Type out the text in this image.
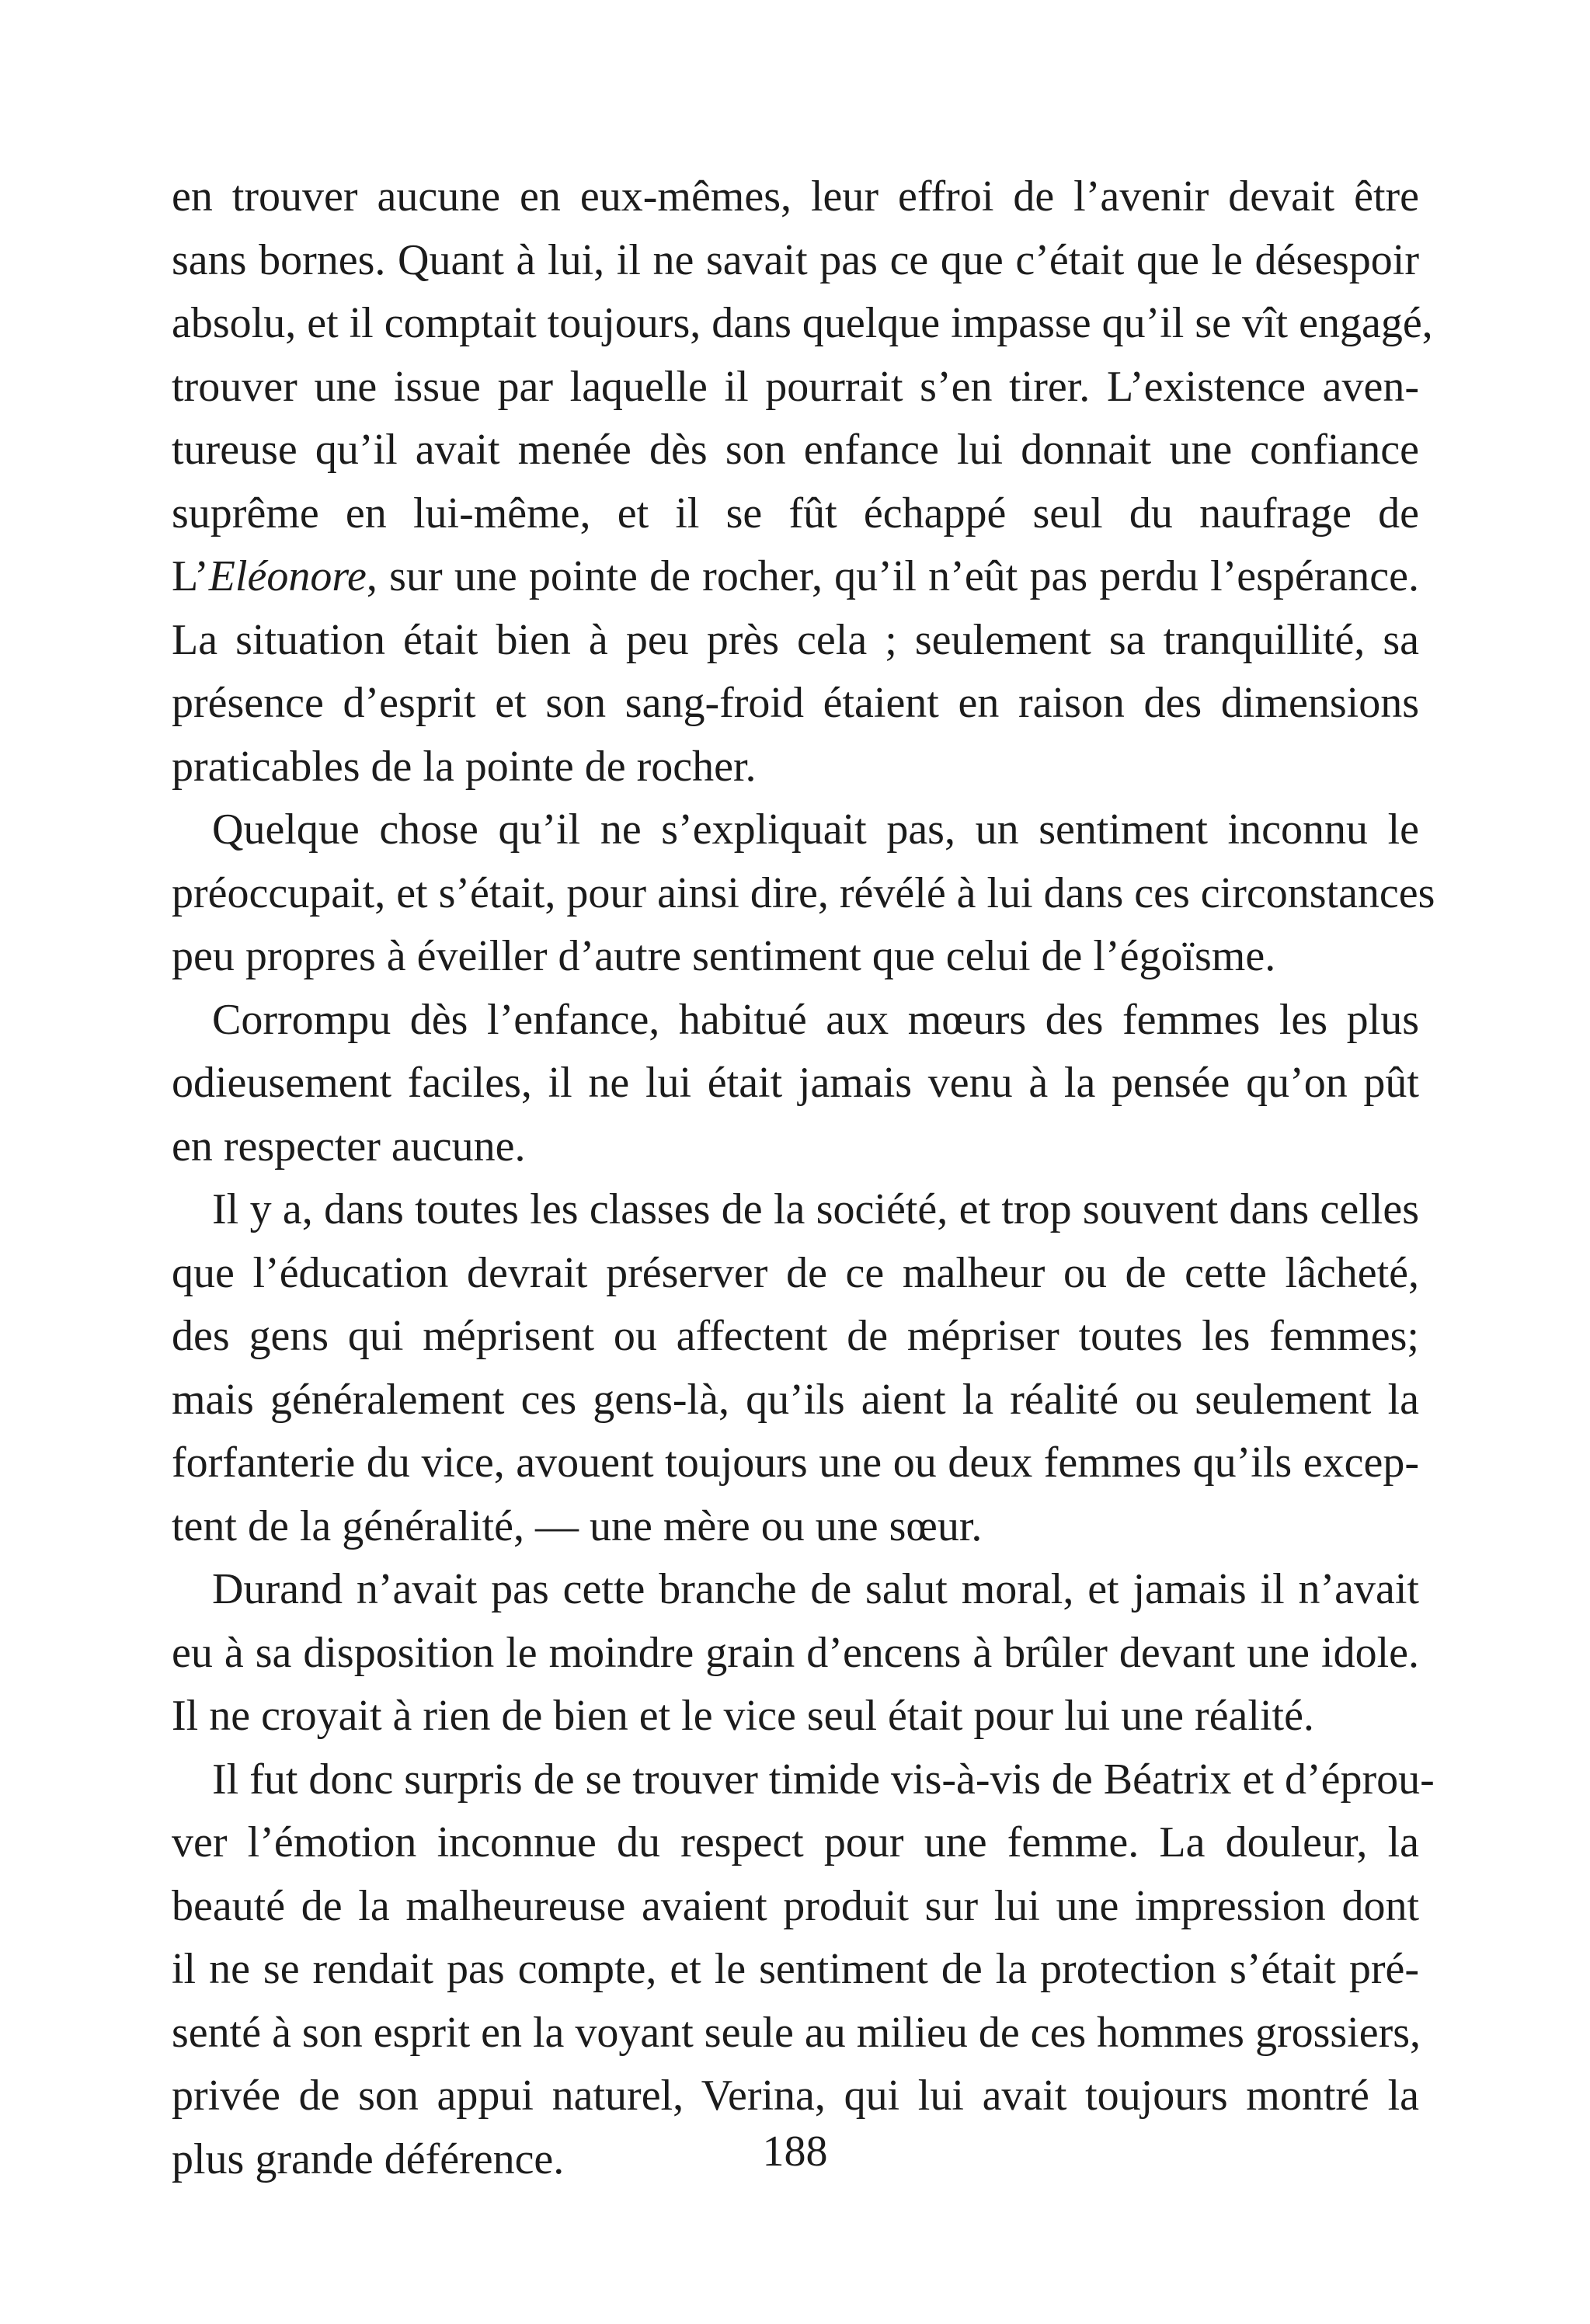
en trouver aucune en eux-mêmes, leur effroi de l’avenir devait être
sans bornes. Quant à lui, il ne savait pas ce que c’était que le désespoir
absolu, et il comptait toujours, dans quelque impasse qu’il se vît engagé,
trouver une issue par laquelle il pourrait s’en tirer. L’existence aven-
tureuse qu’il avait menée dès son enfance lui donnait une confiance
suprême en lui-même, et il se fût échappé seul du naufrage de
L’Eléonore, sur une pointe de rocher, qu’il n’eût pas perdu l’espérance.
La situation était bien à peu près cela ; seulement sa tranquillité, sa
présence d’esprit et son sang-froid étaient en raison des dimensions
praticables de la pointe de rocher.
Quelque chose qu’il ne s’expliquait pas, un sentiment inconnu le
préoccupait, et s’était, pour ainsi dire, révélé à lui dans ces circonstances
peu propres à éveiller d’autre sentiment que celui de l’égoïsme.
Corrompu dès l’enfance, habitué aux mœurs des femmes les plus
odieusement faciles, il ne lui était jamais venu à la pensée qu’on pût
en respecter aucune.
Il y a, dans toutes les classes de la société, et trop souvent dans celles
que l’éducation devrait préserver de ce malheur ou de cette lâcheté,
des gens qui méprisent ou affectent de mépriser toutes les femmes;
mais généralement ces gens-là, qu’ils aient la réalité ou seulement la
forfanterie du vice, avouent toujours une ou deux femmes qu’ils excep-
tent de la généralité, — une mère ou une sœur.
Durand n’avait pas cette branche de salut moral, et jamais il n’avait
eu à sa disposition le moindre grain d’encens à brûler devant une idole.
Il ne croyait à rien de bien et le vice seul était pour lui une réalité.
Il fut donc surpris de se trouver timide vis-à-vis de Béatrix et d’éprou-
ver l’émotion inconnue du respect pour une femme. La douleur, la
beauté de la malheureuse avaient produit sur lui une impression dont
il ne se rendait pas compte, et le sentiment de la protection s’était pré-
senté à son esprit en la voyant seule au milieu de ces hommes grossiers,
privée de son appui naturel, Verina, qui lui avait toujours montré la
plus grande déférence.	188
